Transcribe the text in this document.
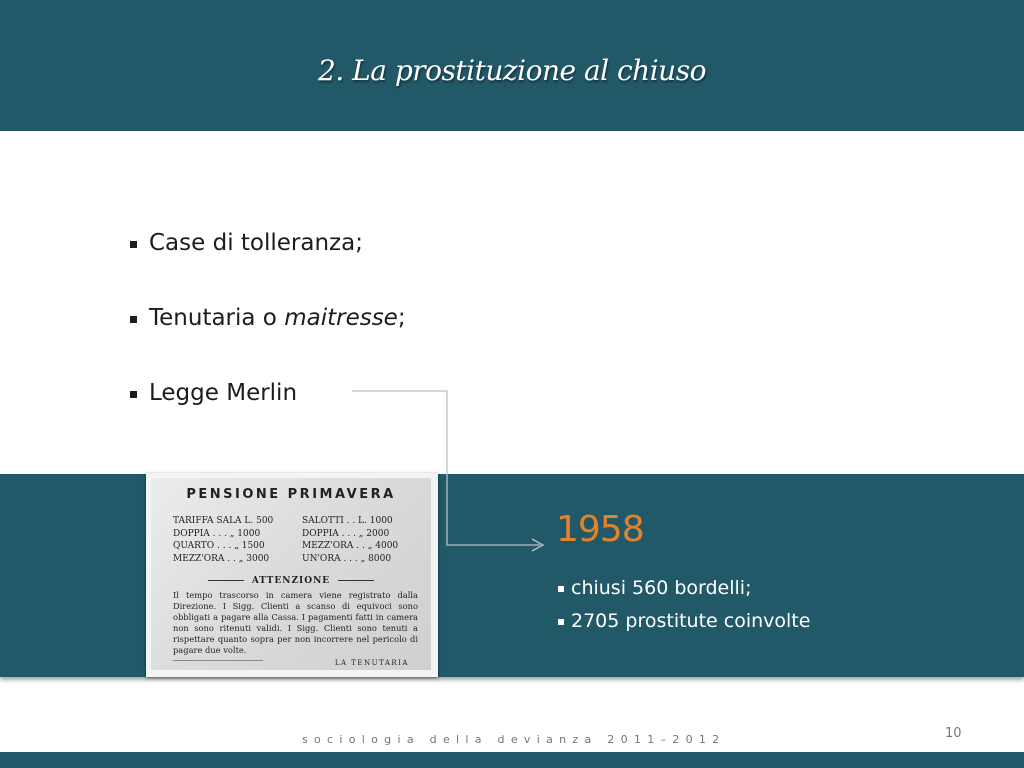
2. La prostituzione al chiuso
Case di tolleranza;
Tenutaria o maitresse;
Legge Merlin
PENSIONE PRIMAVERA
TARIFFA SALA L. 500	SALOTTI . . L. 1000
DOPPIA . . . „ 1000	DOPPIA . . . „ 2000
QUARTO . . . „ 1500	MEZZ'ORA . . „ 4000
MEZZ'ORA . . „ 3000	UN'ORA . . . „ 8000
ATTENZIONE
Il tempo trascorso in camera viene registrato dalla Direzione. I Sigg. Clienti a scanso di equivoci sono obbligati a pagare alla Cassa. I pagamenti fatti in camera non sono ritenuti validi. I Sigg. Clienti sono tenuti a rispettare quanto sopra per non incorrere nel pericolo di pagare due volte.
LA TENUTARIA
1958
chiusi 560 bordelli;
2705 prostitute coinvolte
10
sociologia della devianza 2011–2012
